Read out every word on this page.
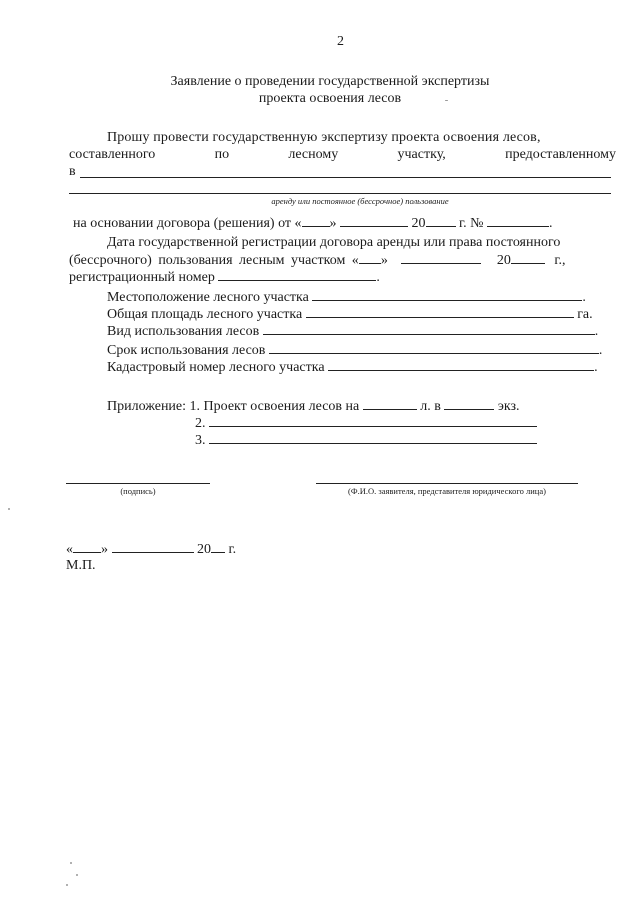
2
Заявление о проведении государственной экспертизы
проекта освоения лесов
Прошу провести государственную экспертизу проекта освоения лесов,
составленного	по	лесному	участку,	предоставленному
в
аренду или постоянное (бессрочное) пользование
на основании договора (решения) от « »	20 г. №	.
Дата государственной регистрации договора аренды или права постоянного
(бессрочного) пользования лесным участком « »	20	г.,
регистрационный номер	.
Местоположение лесного участка	.
Общая площадь лесного участка	га.
Вид использования лесов	.
Срок использования лесов	.
Кадастровый номер лесного участка	.
Приложение: 1. Проект освоения лесов на	л. в	экз.
2.
3.
(подпись)	(Ф.И.О. заявителя, представителя юридического лица)
« »	20 г.
М.П.
